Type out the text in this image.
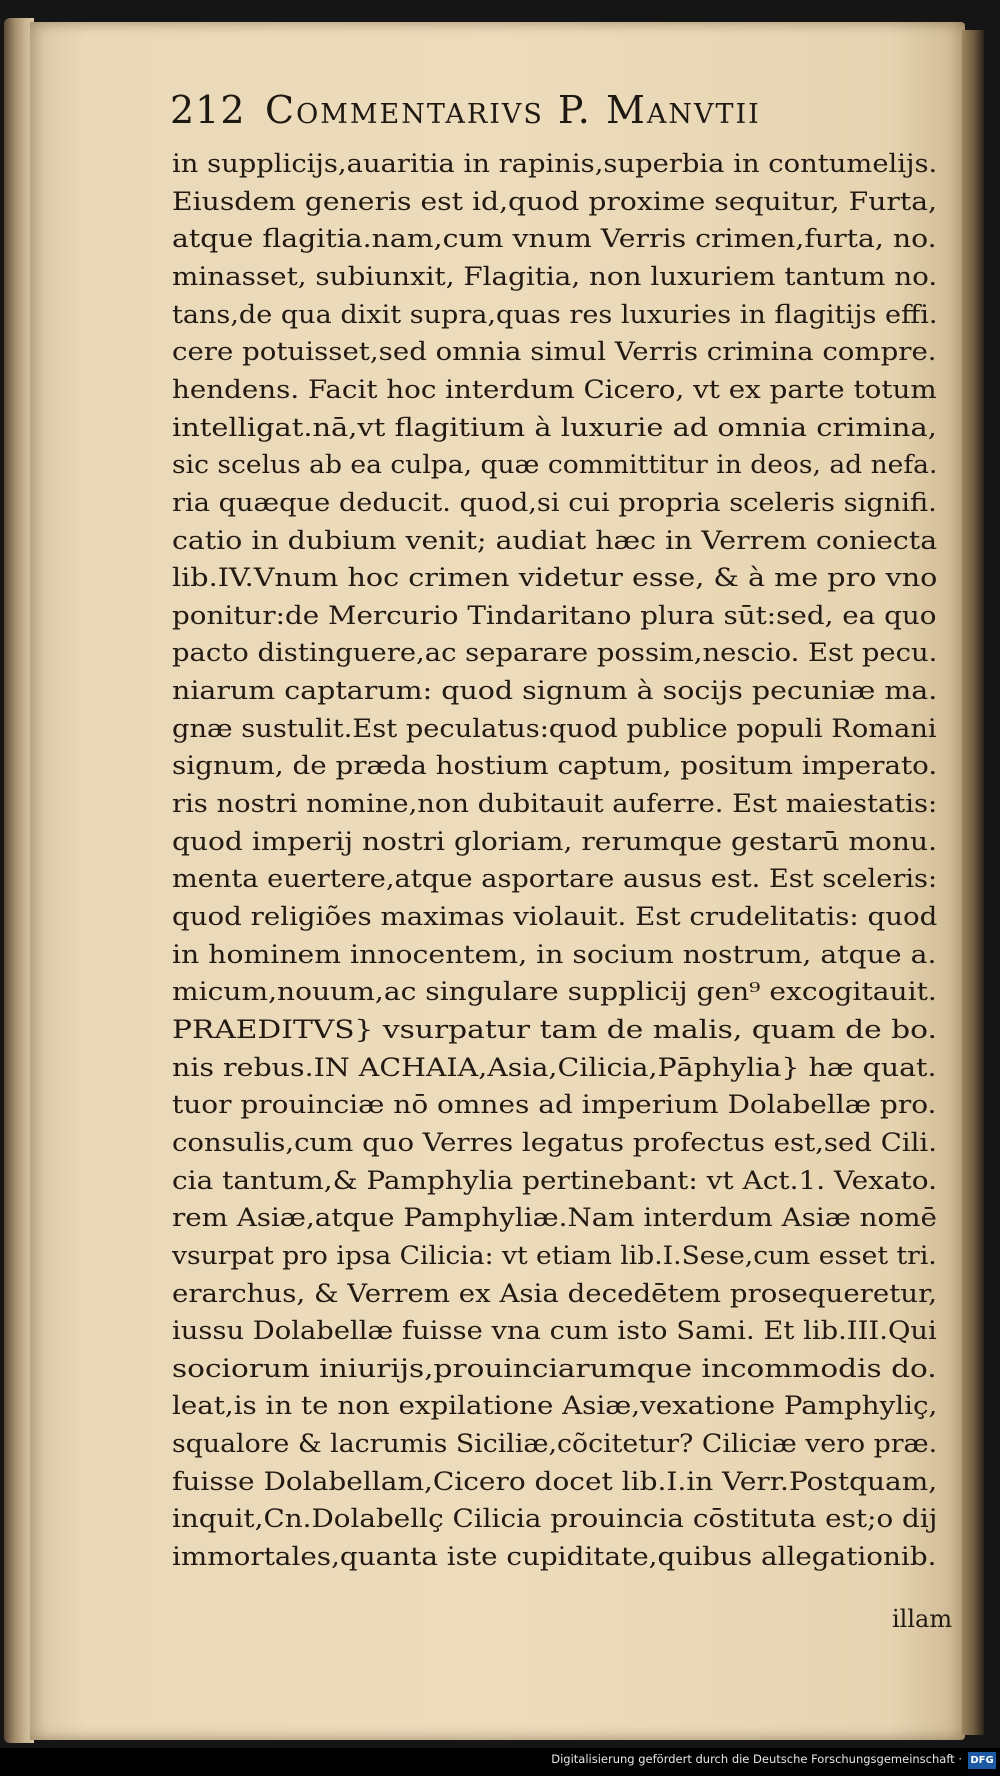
212 Commentarivs P. Manvtii
in supplicijs,auaritia in rapinis,superbia in contumelijs.
Eiusdem generis est id,quod proxime sequitur, Furta,
atque flagitia.nam,cum vnum Verris crimen,furta, no.
minasset, subiunxit, Flagitia, non luxuriem tantum no.
tans,de qua dixit supra,quas res luxuries in flagitijs effi.
cere potuisset,sed omnia simul Verris crimina compre.
hendens. Facit hoc interdum Cicero, vt ex parte totum
intelligat.nā,vt flagitium à luxurie ad omnia crimina,
sic scelus ab ea culpa, quæ committitur in deos, ad nefa.
ria quæque deducit. quod,si cui propria sceleris signifi.
catio in dubium venit; audiat hæc in Verrem coniecta
lib.IV.Vnum hoc crimen videtur esse, & à me pro vno
ponitur:de Mercurio Tindaritano plura sūt:sed, ea quo
pacto distinguere,ac separare possim,nescio. Est pecu.
niarum captarum: quod signum à socijs pecuniæ ma.
gnæ sustulit.Est peculatus:quod publice populi Romani
signum, de præda hostium captum, positum imperato.
ris nostri nomine,non dubitauit auferre. Est maiestatis:
quod imperij nostri gloriam, rerumque gestarū monu.
menta euertere,atque asportare ausus est. Est sceleris:
quod religiões maximas violauit. Est crudelitatis: quod
in hominem innocentem, in socium nostrum, atque a.
micum,nouum,ac singulare supplicij gen⁹ excogitauit.
PRAEDITVS} vsurpatur tam de malis, quam de bo.
nis rebus.IN ACHAIA,Asia,Cilicia,Pāphylia} hæ quat.
tuor prouinciæ nō omnes ad imperium Dolabellæ pro.
consulis,cum quo Verres legatus profectus est,sed Cili.
cia tantum,& Pamphylia pertinebant: vt Act.1. Vexato.
rem Asiæ,atque Pamphyliæ.Nam interdum Asiæ nomē
vsurpat pro ipsa Cilicia: vt etiam lib.I.Sese,cum esset tri.
erarchus, & Verrem ex Asia decedētem prosequeretur,
iussu Dolabellæ fuisse vna cum isto Sami. Et lib.III.Qui
sociorum iniurijs,prouinciarumque incommodis do.
leat,is in te non expilatione Asiæ,vexatione Pamphyliç,
squalore & lacrumis Siciliæ,cõcitetur? Ciliciæ vero præ.
fuisse Dolabellam,Cicero docet lib.I.in Verr.Postquam,
inquit,Cn.Dolabellç Cilicia prouincia cōstituta est;o dij
immortales,quanta iste cupiditate,quibus allegationib.
illam
Digitalisierung gefördert durch die Deutsche Forschungsgemeinschaft · DFG
